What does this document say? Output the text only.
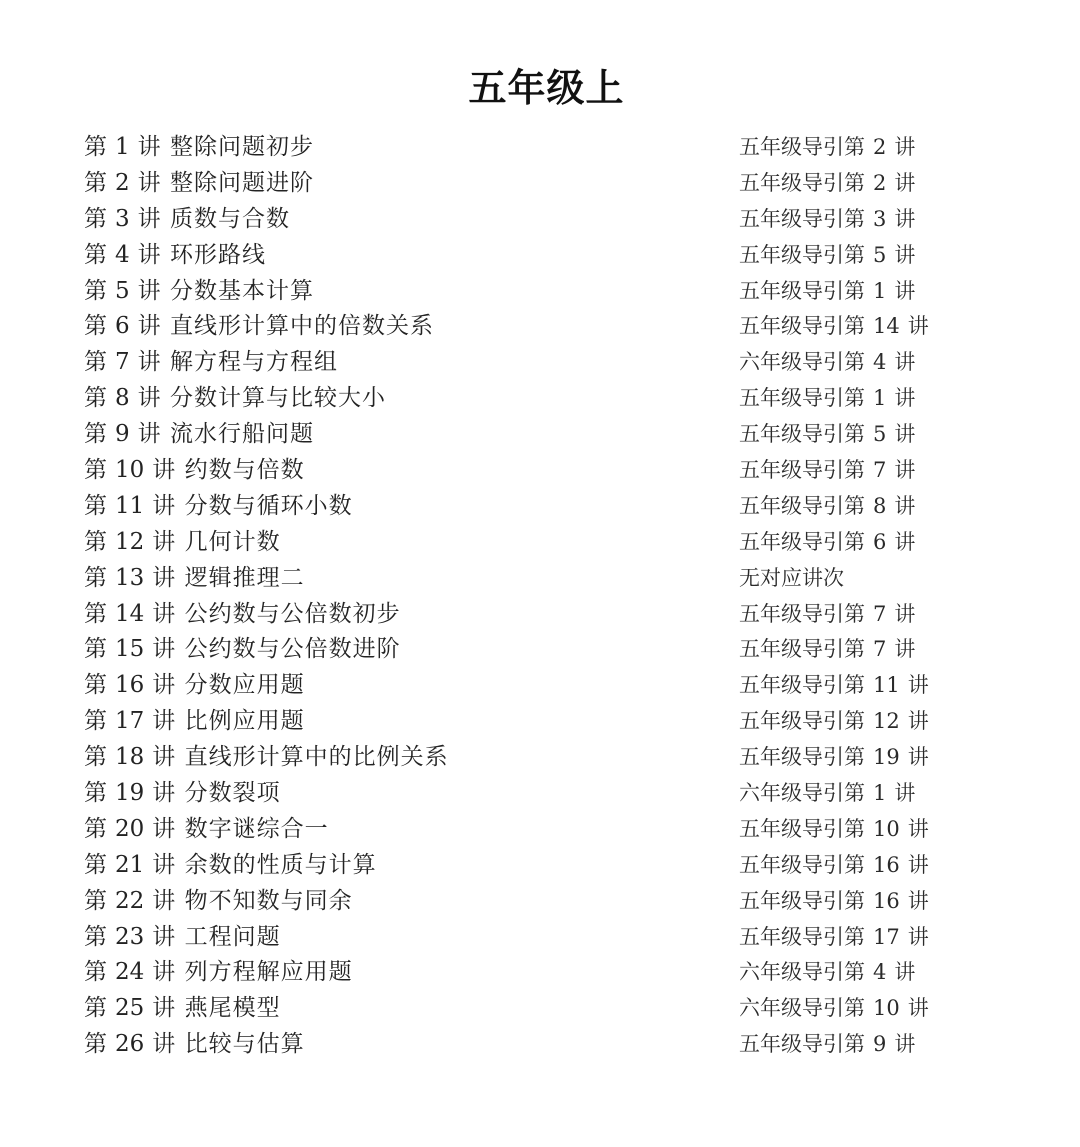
五年级上
第 1 讲 整除问题初步	五年级导引第 2 讲
第 2 讲 整除问题进阶	五年级导引第 2 讲
第 3 讲 质数与合数	五年级导引第 3 讲
第 4 讲 环形路线	五年级导引第 5 讲
第 5 讲 分数基本计算	五年级导引第 1 讲
第 6 讲 直线形计算中的倍数关系	五年级导引第 14 讲
第 7 讲 解方程与方程组	六年级导引第 4 讲
第 8 讲 分数计算与比较大小	五年级导引第 1 讲
第 9 讲 流水行船问题	五年级导引第 5 讲
第 10 讲 约数与倍数	五年级导引第 7 讲
第 11 讲 分数与循环小数	五年级导引第 8 讲
第 12 讲 几何计数	五年级导引第 6 讲
第 13 讲 逻辑推理二	无对应讲次
第 14 讲 公约数与公倍数初步	五年级导引第 7 讲
第 15 讲 公约数与公倍数进阶	五年级导引第 7 讲
第 16 讲 分数应用题	五年级导引第 11 讲
第 17 讲 比例应用题	五年级导引第 12 讲
第 18 讲 直线形计算中的比例关系	五年级导引第 19 讲
第 19 讲 分数裂项	六年级导引第 1 讲
第 20 讲 数字谜综合一	五年级导引第 10 讲
第 21 讲 余数的性质与计算	五年级导引第 16 讲
第 22 讲 物不知数与同余	五年级导引第 16 讲
第 23 讲 工程问题	五年级导引第 17 讲
第 24 讲 列方程解应用题	六年级导引第 4 讲
第 25 讲 燕尾模型	六年级导引第 10 讲
第 26 讲 比较与估算	五年级导引第 9 讲
